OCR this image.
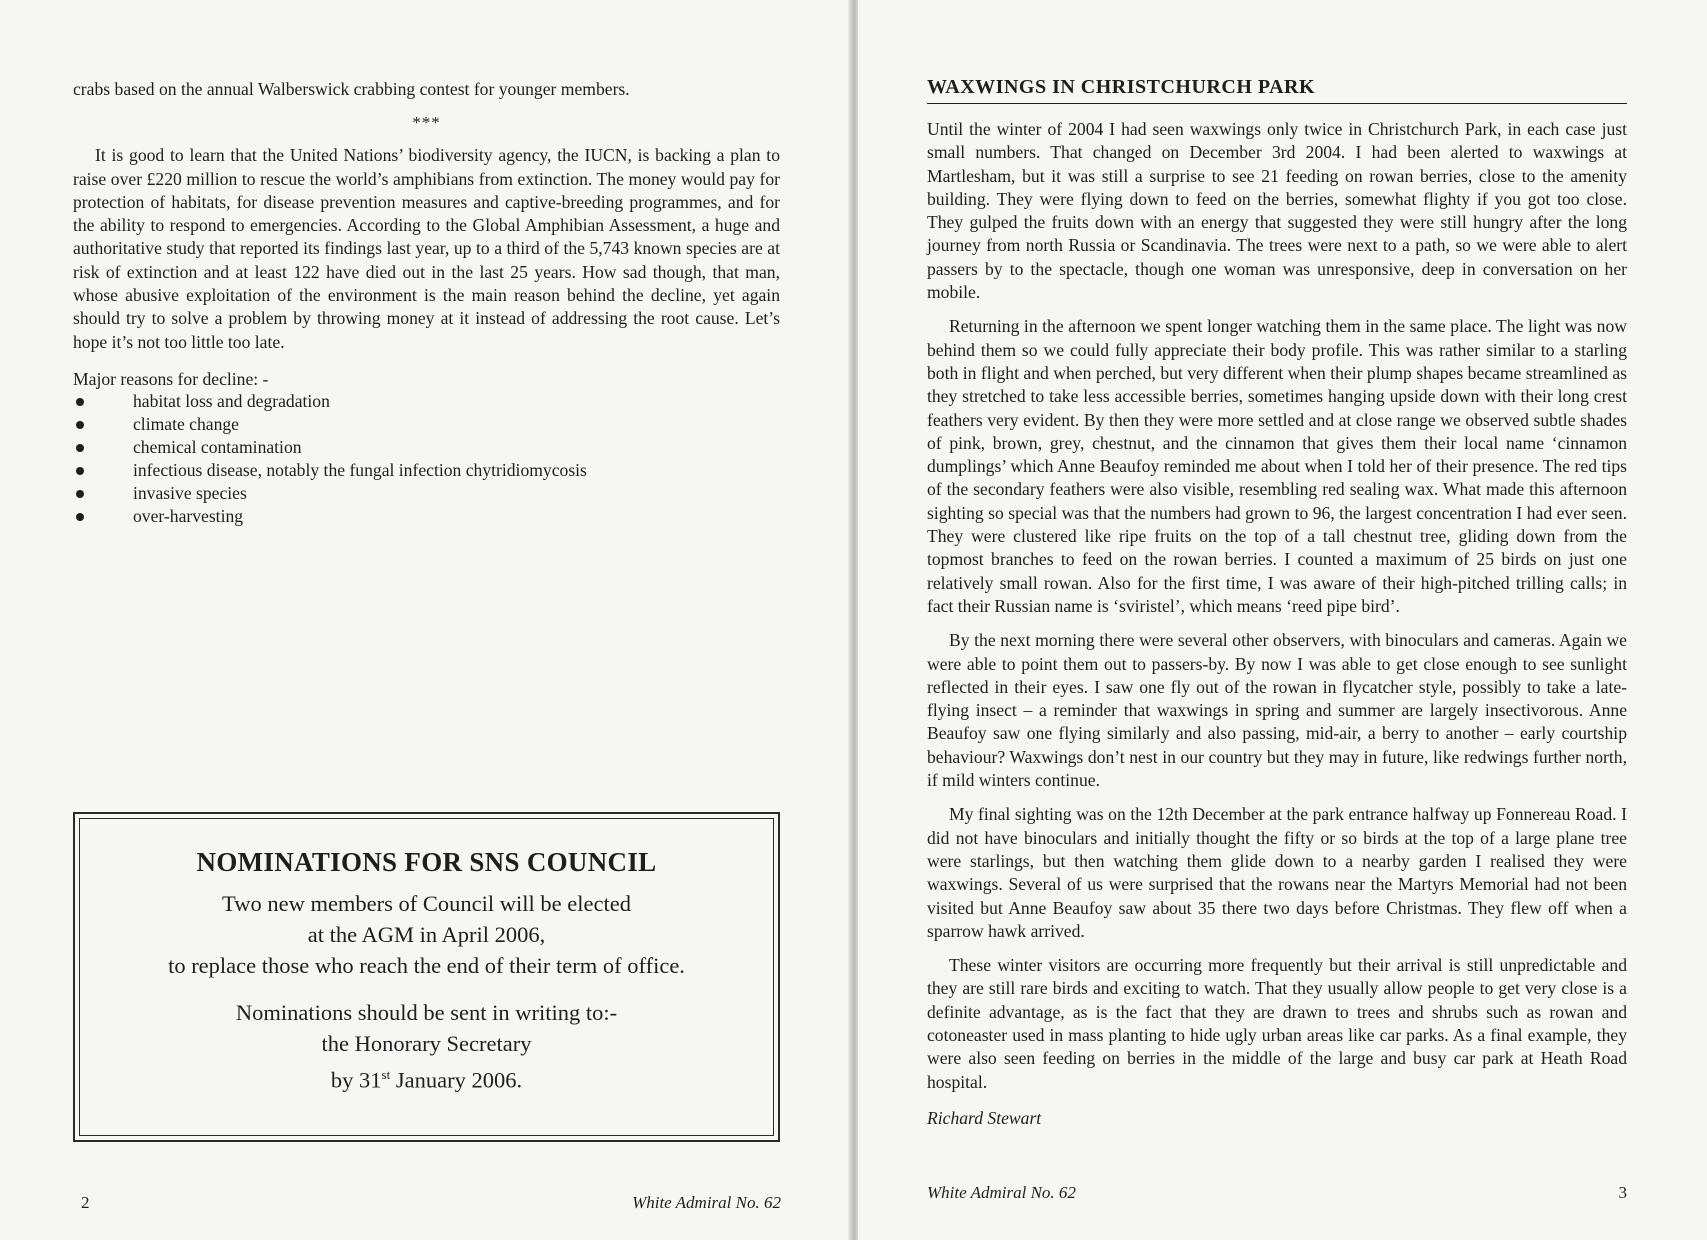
crabs based on the annual Walberswick crabbing contest for younger members.

***

It is good to learn that the United Nations’ biodiversity agency, the IUCN, is backing a plan to raise over £220 million to rescue the world’s amphibians from extinction. The money would pay for protection of habitats, for disease prevention measures and captive-breeding programmes, and for the ability to respond to emergencies. According to the Global Amphibian Assessment, a huge and authoritative study that reported its findings last year, up to a third of the 5,743 known species are at risk of extinction and at least 122 have died out in the last 25 years. How sad though, that man, whose abusive exploitation of the environment is the main reason behind the decline, yet again should try to solve a problem by throwing money at it instead of addressing the root cause. Let’s hope it’s not too little too late.

Major reasons for decline: -

habitat loss and degradation
climate change
chemical contamination
infectious disease, notably the fungal infection chytridiomycosis
invasive species
over-harvesting
NOMINATIONS FOR SNS COUNCIL
Two new members of Council will be elected
at the AGM in April 2006,
to replace those who reach the end of their term of office.
Nominations should be sent in writing to:-
the Honorary Secretary
by 31st January 2006.
2	White Admiral No. 62
WAXWINGS IN CHRISTCHURCH PARK

Until the winter of 2004 I had seen waxwings only twice in Christchurch Park, in each case just small numbers. That changed on December 3rd 2004. I had been alerted to waxwings at Martlesham, but it was still a surprise to see 21 feeding on rowan berries, close to the amenity building. They were flying down to feed on the berries, somewhat flighty if you got too close. They gulped the fruits down with an energy that suggested they were still hungry after the long journey from north Russia or Scandinavia. The trees were next to a path, so we were able to alert passers by to the spectacle, though one woman was unresponsive, deep in conversation on her mobile.

Returning in the afternoon we spent longer watching them in the same place. The light was now behind them so we could fully appreciate their body profile. This was rather similar to a starling both in flight and when perched, but very different when their plump shapes became streamlined as they stretched to take less accessible berries, sometimes hanging upside down with their long crest feathers very evident. By then they were more settled and at close range we observed subtle shades of pink, brown, grey, chestnut, and the cinnamon that gives them their local name ‘cinnamon dumplings’ which Anne Beaufoy reminded me about when I told her of their presence. The red tips of the secondary feathers were also visible, resembling red sealing wax. What made this afternoon sighting so special was that the numbers had grown to 96, the largest concentration I had ever seen. They were clustered like ripe fruits on the top of a tall chestnut tree, gliding down from the topmost branches to feed on the rowan berries. I counted a maximum of 25 birds on just one relatively small rowan. Also for the first time, I was aware of their high-pitched trilling calls; in fact their Russian name is ‘sviristel’, which means ‘reed pipe bird’.

By the next morning there were several other observers, with binoculars and cameras. Again we were able to point them out to passers-by. By now I was able to get close enough to see sunlight reflected in their eyes. I saw one fly out of the rowan in flycatcher style, possibly to take a late-flying insect – a reminder that waxwings in spring and summer are largely insectivorous. Anne Beaufoy saw one flying similarly and also passing, mid-air, a berry to another – early courtship behaviour? Waxwings don’t nest in our country but they may in future, like redwings further north, if mild winters continue.

My final sighting was on the 12th December at the park entrance halfway up Fonnereau Road. I did not have binoculars and initially thought the fifty or so birds at the top of a large plane tree were starlings, but then watching them glide down to a nearby garden I realised they were waxwings. Several of us were surprised that the rowans near the Martyrs Memorial had not been visited but Anne Beaufoy saw about 35 there two days before Christmas. They flew off when a sparrow hawk arrived.

These winter visitors are occurring more frequently but their arrival is still unpredictable and they are still rare birds and exciting to watch. That they usually allow people to get very close is a definite advantage, as is the fact that they are drawn to trees and shrubs such as rowan and cotoneaster used in mass planting to hide ugly urban areas like car parks. As a final example, they were also seen feeding on berries in the middle of the large and busy car park at Heath Road hospital.

Richard Stewart

White Admiral No. 62	3
